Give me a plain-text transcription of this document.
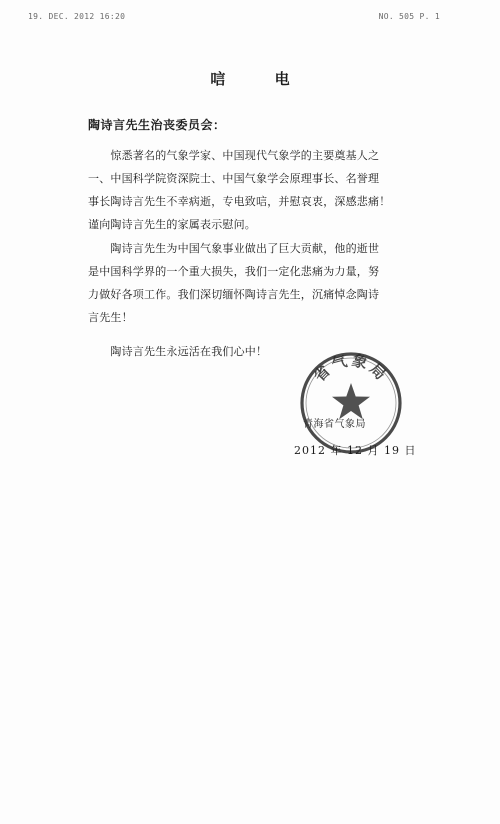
19. DEC. 2012 16:20	NO. 505 P. 1
唁 电
陶诗言先生治丧委员会：
　　惊悉著名的气象学家、中国现代气象学的主要奠基人之
一、中国科学院资深院士、中国气象学会原理事长、名誉理
事长陶诗言先生不幸病逝，专电致唁，并慰哀衷，深感悲痛！
谨向陶诗言先生的家属表示慰问。
　　陶诗言先生为中国气象事业做出了巨大贡献，他的逝世
是中国科学界的一个重大损失，我们一定化悲痛为力量，努
力做好各项工作。我们深切缅怀陶诗言先生，沉痛悼念陶诗
言先生！
　　陶诗言先生永远活在我们心中！
省气象局
青海省气象局
2012 年 12 月 19 日
